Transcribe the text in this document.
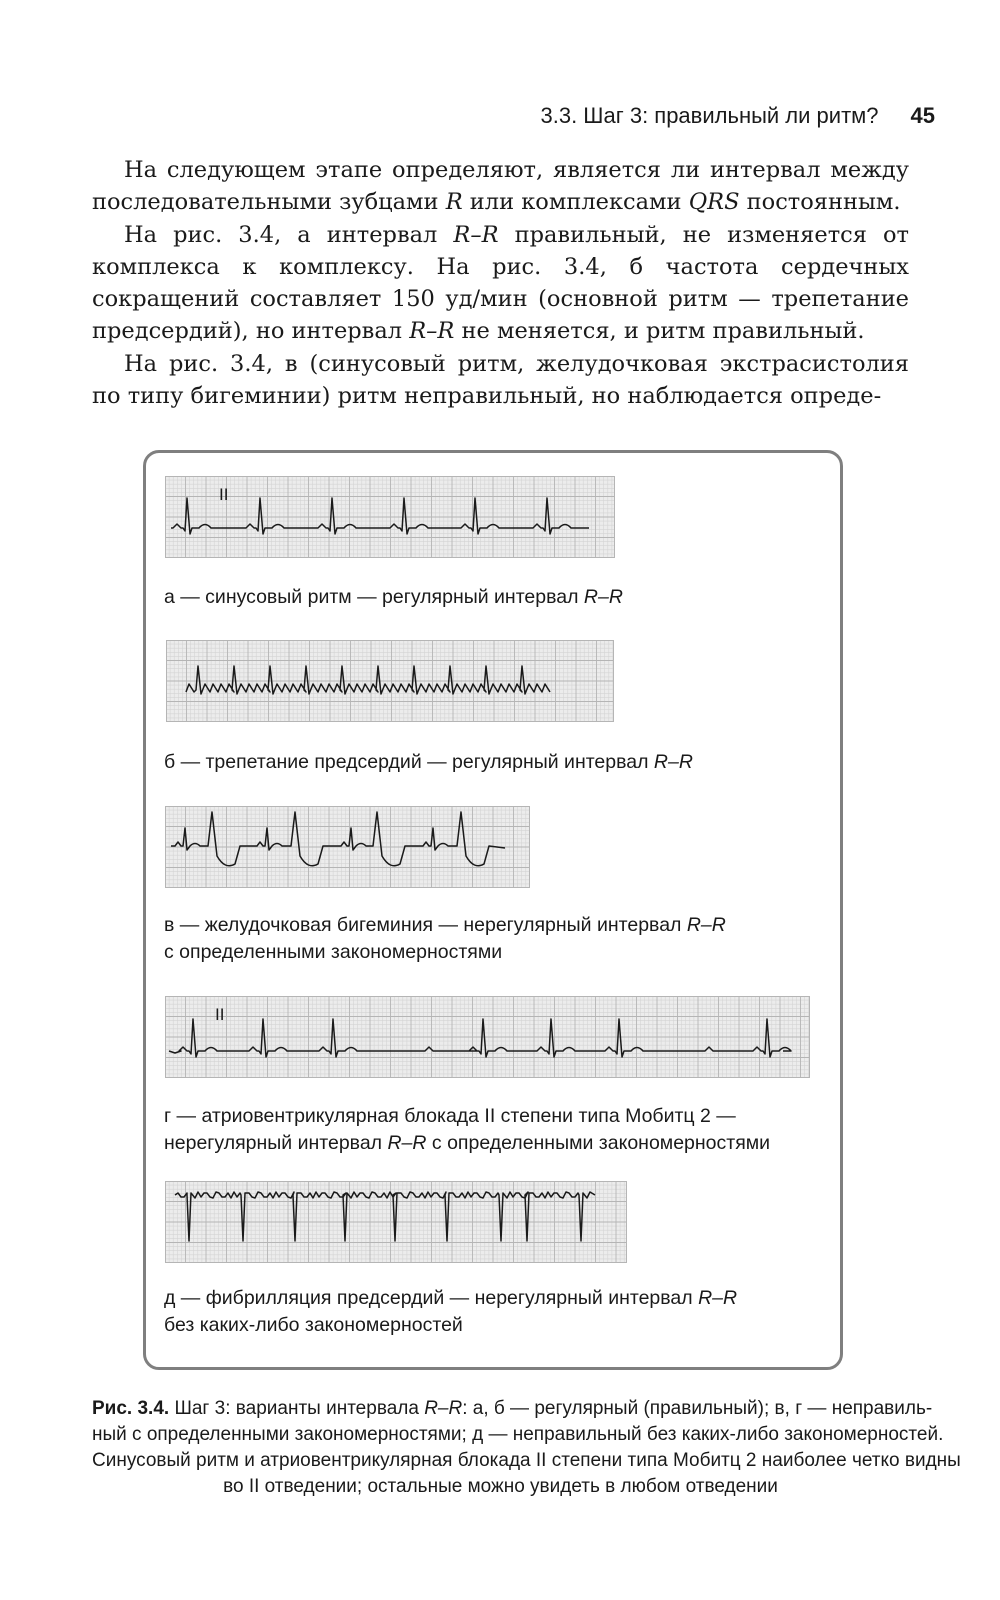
3.3. Шаг 3: правильный ли ритм? 45

На следующем этапе определяют, является ли интервал между последовательными зубцами R или комплексами QRS постоянным.

На рис. 3.4, а интервал R–R правильный, не изменяется от комплекса к комплексу. На рис. 3.4, б частота сердечных сокращений составляет 150 уд/мин (основной ритм — трепетание предсердий), но интервал R–R не меняется, и ритм правильный.

На рис. 3.4, в (синусовый ритм, желудочковая экстрасистолия по типу бигеминии) ритм неправильный, но наблюдается опреде-

II
а — синусовый ритм — регулярный интервал R–R
б — трепетание предсердий — регулярный интервал R–R
в — желудочковая бигеминия — нерегулярный интервал R–R
с определенными закономерностями
II
г — атриовентрикулярная блокада II степени типа Мобитц 2 —
нерегулярный интервал R–R с определенными закономерностями
д — фибрилляция предсердий — нерегулярный интервал R–R
без каких-либо закономерностей
Рис. 3.4. Шаг 3: варианты интервала R–R: а, б — регулярный (правильный); в, г — неправиль-
ный с определенными закономерностями; д — неправильный без каких-либо закономерностей.
Синусовый ритм и атриовентрикулярная блокада II степени типа Мобитц 2 наиболее четко видны
во II отведении; остальные можно увидеть в любом отведении
